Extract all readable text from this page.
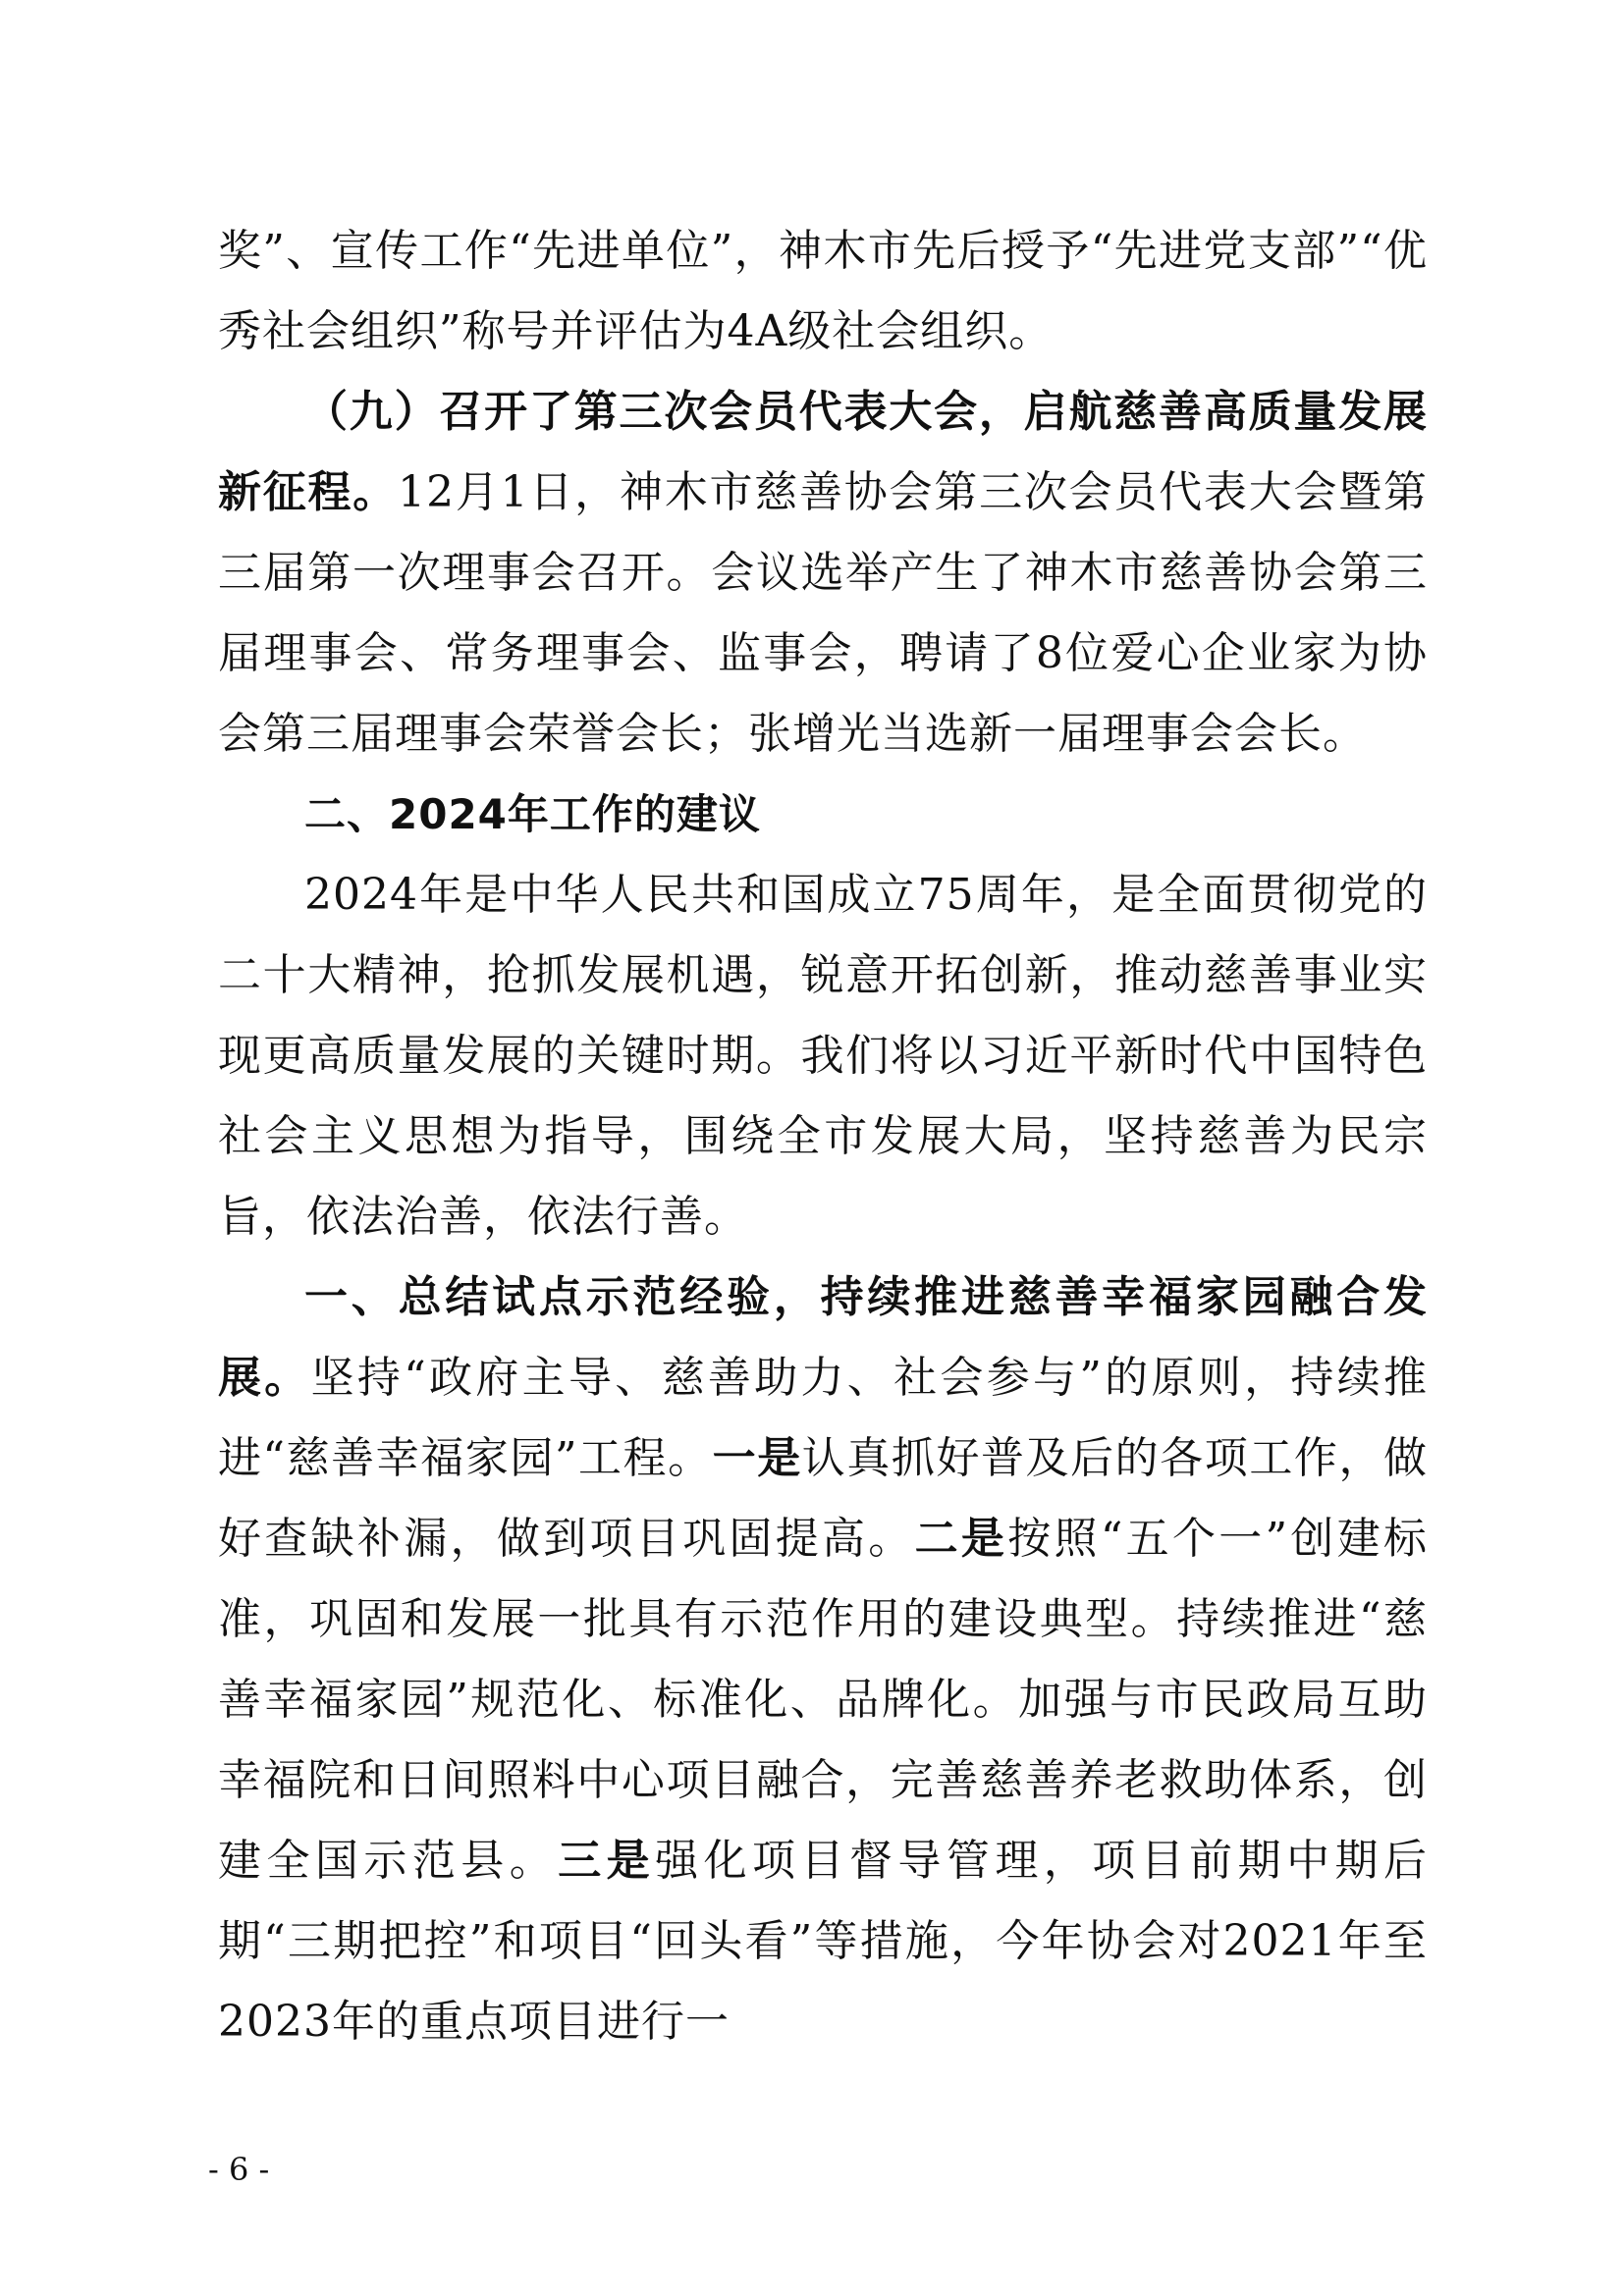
奖”、宣传工作“先进单位”，神木市先后授予“先进党支部”“优秀社会组织”称号并评估为4A级社会组织。

（九）召开了第三次会员代表大会，启航慈善高质量发展新征程。12月1日，神木市慈善协会第三次会员代表大会暨第三届第一次理事会召开。会议选举产生了神木市慈善协会第三届理事会、常务理事会、监事会，聘请了8位爱心企业家为协会第三届理事会荣誉会长；张增光当选新一届理事会会长。

二、2024年工作的建议

2024年是中华人民共和国成立75周年，是全面贯彻党的二十大精神，抢抓发展机遇，锐意开拓创新，推动慈善事业实现更高质量发展的关键时期。我们将以习近平新时代中国特色社会主义思想为指导，围绕全市发展大局，坚持慈善为民宗旨，依法治善，依法行善。

一、总结试点示范经验，持续推进慈善幸福家园融合发展。坚持“政府主导、慈善助力、社会参与”的原则，持续推进“慈善幸福家园”工程。一是认真抓好普及后的各项工作，做好查缺补漏，做到项目巩固提高。二是按照“五个一”创建标准，巩固和发展一批具有示范作用的建设典型。持续推进“慈善幸福家园”规范化、标准化、品牌化。加强与市民政局互助幸福院和日间照料中心项目融合，完善慈善养老救助体系，创建全国示范县。三是强化项目督导管理，项目前期中期后期“三期把控”和项目“回头看”等措施，今年协会对2021年至2023年的重点项目进行一

- 6 -
